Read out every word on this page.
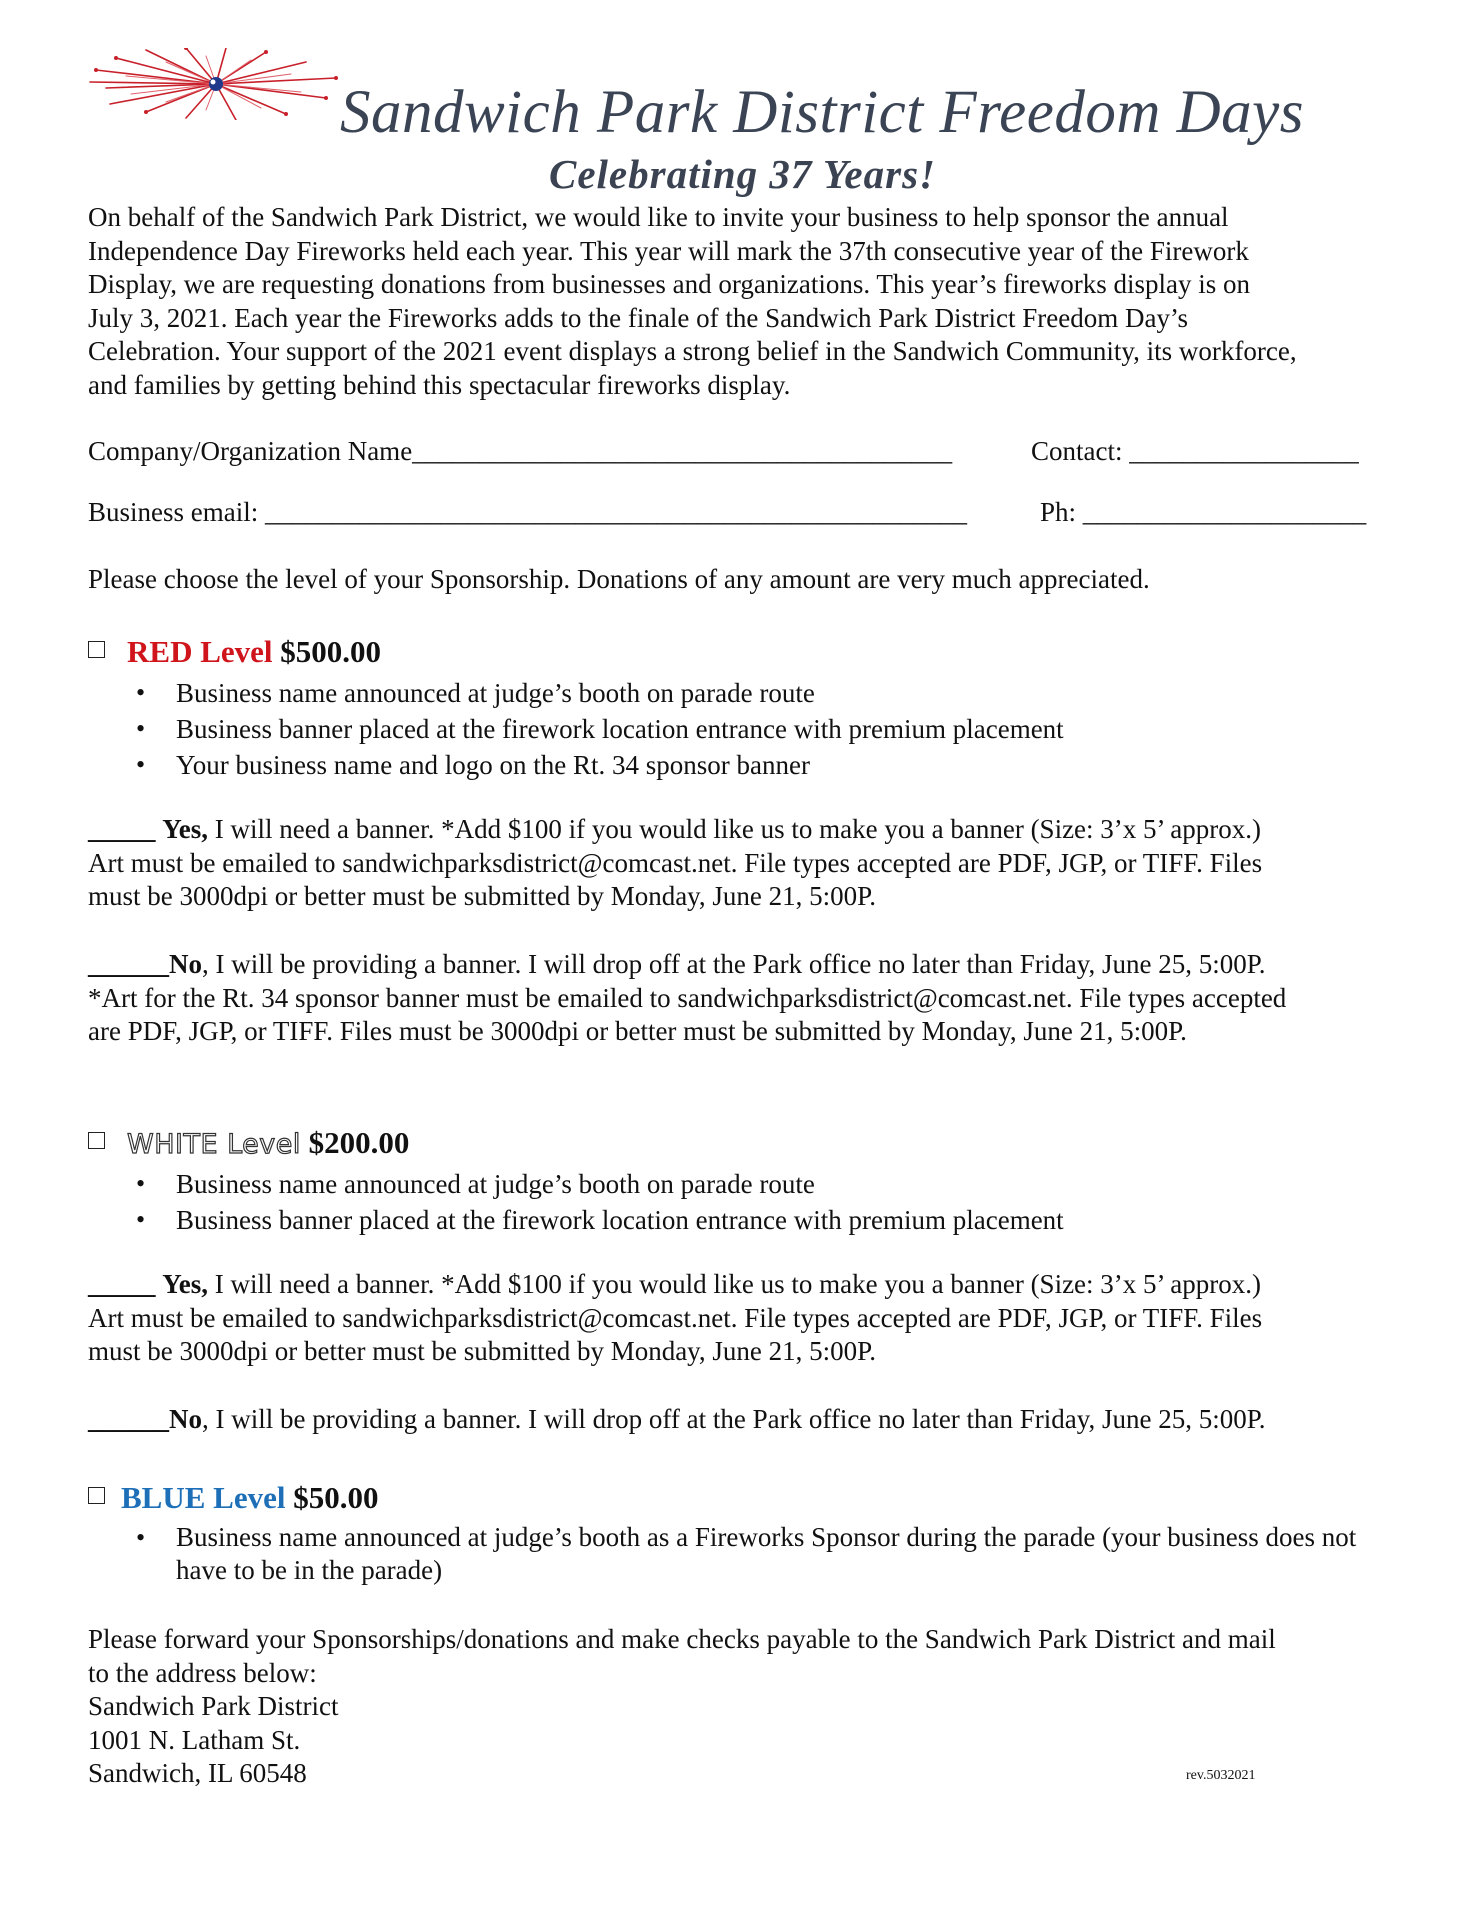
Sandwich Park District Freedom Days
Celebrating 37 Years!
On behalf of the Sandwich Park District, we would like to invite your business to help sponsor the annual
Independence Day Fireworks held each year. This year will mark the 37th consecutive year of the Firework
Display, we are requesting donations from businesses and organizations. This year’s fireworks display is on
July 3, 2021. Each year the Fireworks adds to the finale of the Sandwich Park District Freedom Day’s
Celebration. Your support of the 2021 event displays a strong belief in the Sandwich Community, its workforce,
and families by getting behind this spectacular fireworks display.
Company/Organization Name________________________________________	Contact: _________________
Business email: ____________________________________________________	Ph: _____________________
Please choose the level of your Sponsorship. Donations of any amount are very much appreciated.
RED Level $500.00
• Business name announced at judge’s booth on parade route
• Business banner placed at the firework location entrance with premium placement
• Your business name and logo on the Rt. 34 sponsor banner
_____ Yes, I will need a banner. *Add $100 if you would like us to make you a banner (Size: 3’x 5’ approx.)
Art must be emailed to sandwichparksdistrict@comcast.net. File types accepted are PDF, JGP, or TIFF. Files
must be 3000dpi or better must be submitted by Monday, June 21, 5:00P.
______No, I will be providing a banner. I will drop off at the Park office no later than Friday, June 25, 5:00P.
*Art for the Rt. 34 sponsor banner must be emailed to sandwichparksdistrict@comcast.net. File types accepted
are PDF, JGP, or TIFF. Files must be 3000dpi or better must be submitted by Monday, June 21, 5:00P.
WHITE Level $200.00
• Business name announced at judge’s booth on parade route
• Business banner placed at the firework location entrance with premium placement
_____ Yes, I will need a banner. *Add $100 if you would like us to make you a banner (Size: 3’x 5’ approx.)
Art must be emailed to sandwichparksdistrict@comcast.net. File types accepted are PDF, JGP, or TIFF. Files
must be 3000dpi or better must be submitted by Monday, June 21, 5:00P.
______No, I will be providing a banner. I will drop off at the Park office no later than Friday, June 25, 5:00P.
BLUE Level $50.00
• Business name announced at judge’s booth as a Fireworks Sponsor during the parade (your business does not have to be in the parade)
Please forward your Sponsorships/donations and make checks payable to the Sandwich Park District and mail
to the address below:
Sandwich Park District
1001 N. Latham St.
Sandwich, IL 60548	rev.5032021
